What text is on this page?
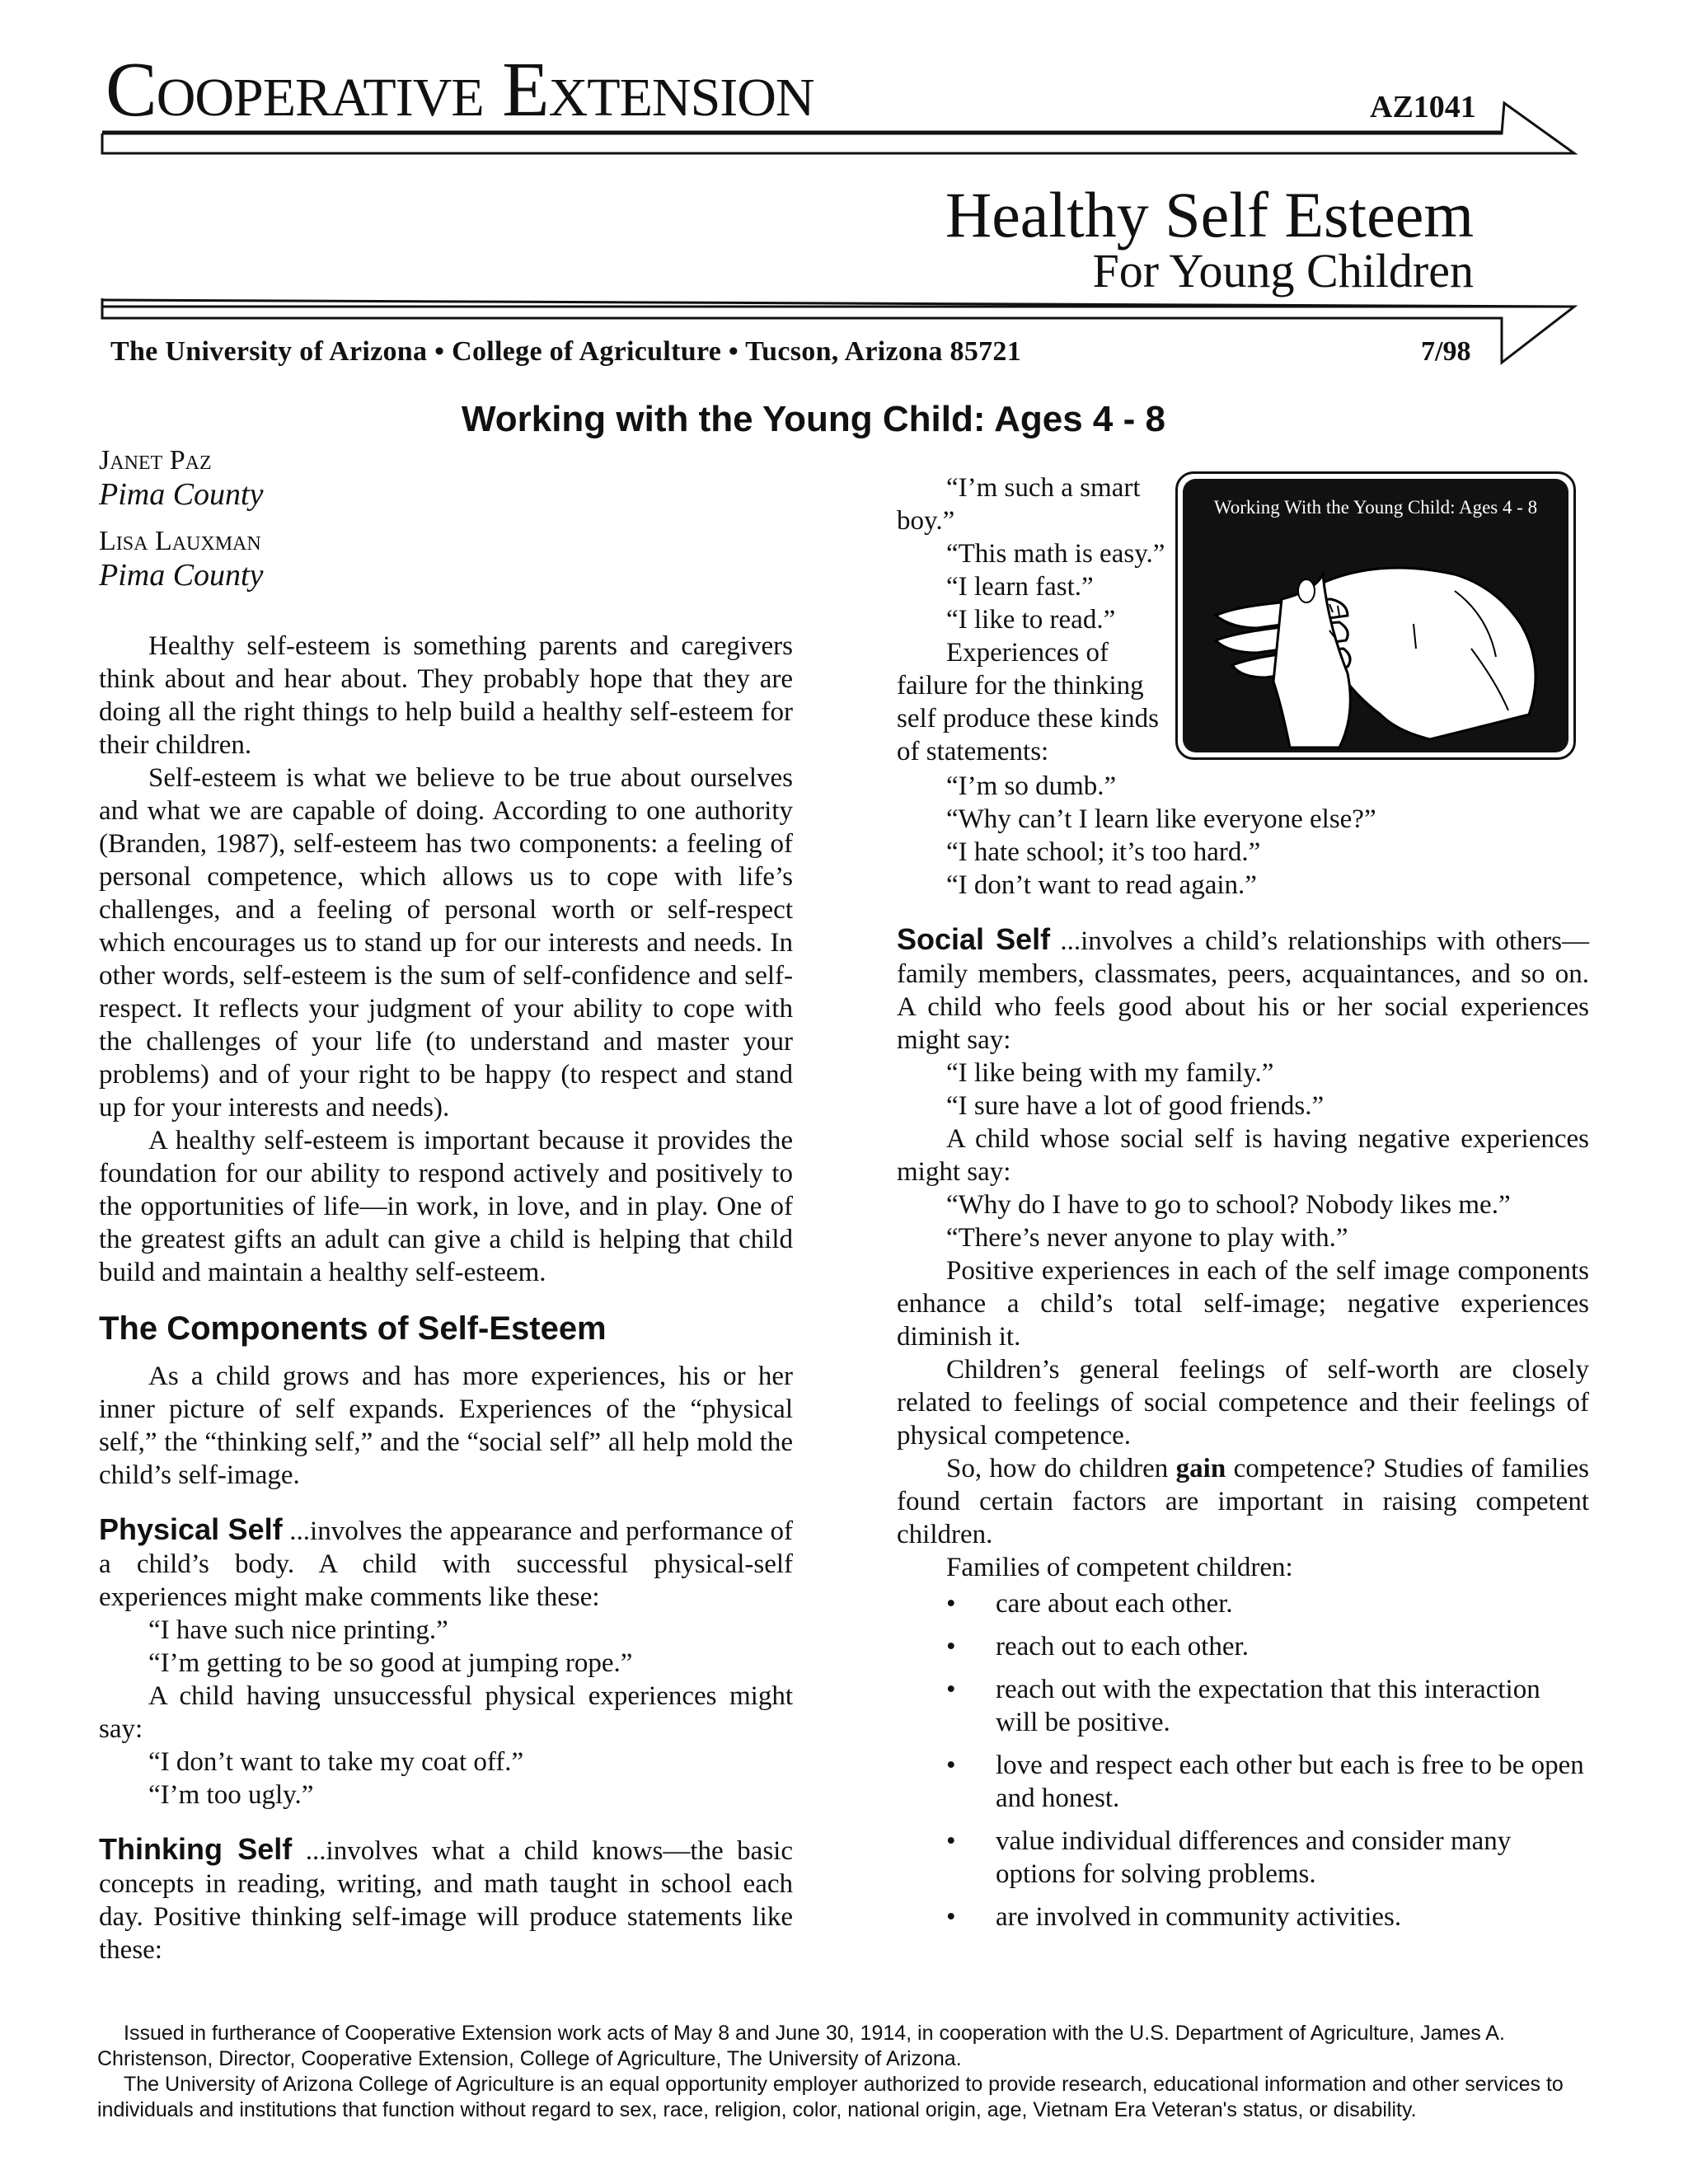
Cooperative Extension	AZ1041
Healthy Self Esteem
For Young Children
The University of Arizona • College of Agriculture • Tucson, Arizona 85721	7/98
Working with the Young Child: Ages 4 - 8
Janet Paz
Pima County
Lisa Lauxman
Pima County

Healthy self-esteem is something parents and caregivers think about and hear about. They probably hope that they are doing all the right things to help build a healthy self-esteem for their children.

Self-esteem is what we believe to be true about ourselves and what we are capable of doing. According to one authority (Branden, 1987), self-esteem has two components: a feeling of personal competence, which allows us to cope with life’s challenges, and a feeling of personal worth or self-respect which encourages us to stand up for our interests and needs. In other words, self-esteem is the sum of self-confidence and self-respect. It reflects your judgment of your ability to cope with the challenges of your life (to understand and master your problems) and of your right to be happy (to respect and stand up for your interests and needs).

A healthy self-esteem is important because it provides the foundation for our ability to respond actively and positively to the opportunities of life—in work, in love, and in play. One of the greatest gifts an adult can give a child is helping that child build and maintain a healthy self-esteem.

The Components of Self-Esteem

As a child grows and has more experiences, his or her inner picture of self expands. Experiences of the “physical self,” the “thinking self,” and the “social self” all help mold the child’s self-image.

Physical Self ...involves the appearance and performance of a child’s body. A child with successful physical-self experiences might make comments like these:

“I have such nice printing.”

“I’m getting to be so good at jumping rope.”

A child having unsuccessful physical experiences might say:

“I don’t want to take my coat off.”

“I’m too ugly.”

Thinking Self ...involves what a child knows—the basic concepts in reading, writing, and math taught in school each day. Positive thinking self-image will produce statements like these:

Working With the Young Child: Ages 4 - 8

“I’m such a smart boy.”

“This math is easy.”

“I learn fast.”

“I like to read.”

Experiences of failure for the thinking self produce these kinds of statements:

“I’m so dumb.”

“Why can’t I learn like everyone else?”

“I hate school; it’s too hard.”

“I don’t want to read again.”

Social Self ...involves a child’s relationships with others—family members, classmates, peers, acquaintances, and so on. A child who feels good about his or her social experiences might say:

“I like being with my family.”

“I sure have a lot of good friends.”

A child whose social self is having negative experiences might say:

“Why do I have to go to school? Nobody likes me.”

“There’s never anyone to play with.”

Positive experiences in each of the self image components enhance a child’s total self-image; negative experiences diminish it.

Children’s general feelings of self-worth are closely related to feelings of social competence and their feelings of physical competence.

So, how do children gain competence? Studies of families found certain factors are important in raising competent children.

Families of competent children:

• care about each other.
• reach out to each other.
• reach out with the expectation that this interaction will be positive.
• love and respect each other but each is free to be open and honest.
• value individual differences and consider many options for solving problems.
• are involved in community activities.

Issued in furtherance of Cooperative Extension work acts of May 8 and June 30, 1914, in cooperation with the U.S. Department of Agriculture, James A. Christenson, Director, Cooperative Extension, College of Agriculture, The University of Arizona.

The University of Arizona College of Agriculture is an equal opportunity employer authorized to provide research, educational information and other services to individuals and institutions that function without regard to sex, race, religion, color, national origin, age, Vietnam Era Veteran's status, or disability.
